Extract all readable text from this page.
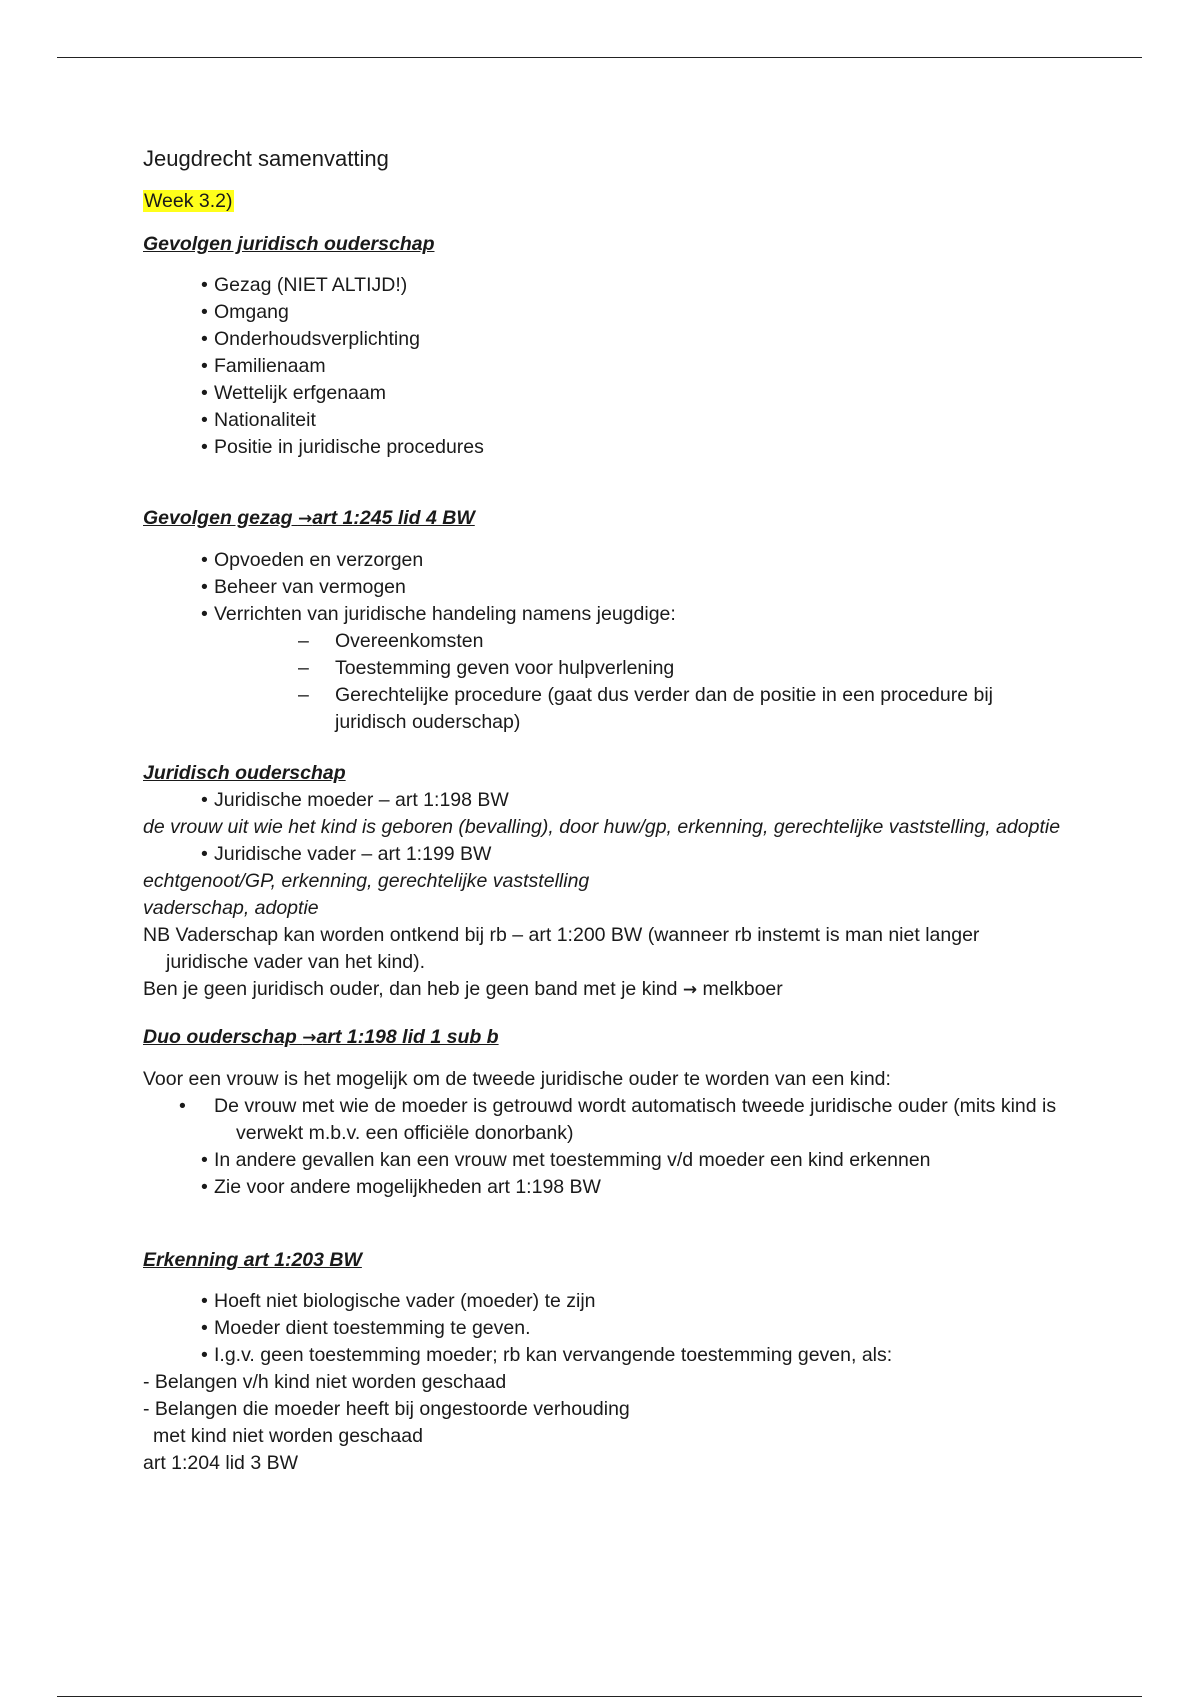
Jeugdrecht samenvatting
Week 3.2)

Gevolgen juridisch ouderschap

• Gezag (NIET ALTIJD!)
• Omgang
• Onderhoudsverplichting
• Familienaam
• Wettelijk erfgenaam
• Nationaliteit
• Positie in juridische procedures

Gevolgen gezag →art 1:245 lid 4 BW

• Opvoeden en verzorgen
• Beheer van vermogen
• Verrichten van juridische handeling namens jeugdige:
– Overeenkomsten
– Toestemming geven voor hulpverlening
– Gerechtelijke procedure (gaat dus verder dan de positie in een procedure bij juridisch ouderschap)

Juridisch ouderschap

• Juridische moeder – art 1:198 BW

de vrouw uit wie het kind is geboren (bevalling), door huw/gp, erkenning, gerechtelijke vaststelling, adoptie

• Juridische vader – art 1:199 BW

echtgenoot/GP, erkenning, gerechtelijke vaststelling

vaderschap, adoptie

NB Vaderschap kan worden ontkend bij rb – art 1:200 BW (wanneer rb instemt is man niet langer juridische vader van het kind).

Ben je geen juridisch ouder, dan heb je geen band met je kind → melkboer

Duo ouderschap →art 1:198 lid 1 sub b

Voor een vrouw is het mogelijk om de tweede juridische ouder te worden van een kind:

• De vrouw met wie de moeder is getrouwd wordt automatisch tweede juridische ouder (mits kind is verwekt m.b.v. een officiële donorbank)
• In andere gevallen kan een vrouw met toestemming v/d moeder een kind erkennen
• Zie voor andere mogelijkheden art 1:198 BW

Erkenning art 1:203 BW

• Hoeft niet biologische vader (moeder) te zijn
• Moeder dient toestemming te geven.
• I.g.v. geen toestemming moeder; rb kan vervangende toestemming geven, als:

- Belangen v/h kind niet worden geschaad

- Belangen die moeder heeft bij ongestoorde verhouding

met kind niet worden geschaad

art 1:204 lid 3 BW
